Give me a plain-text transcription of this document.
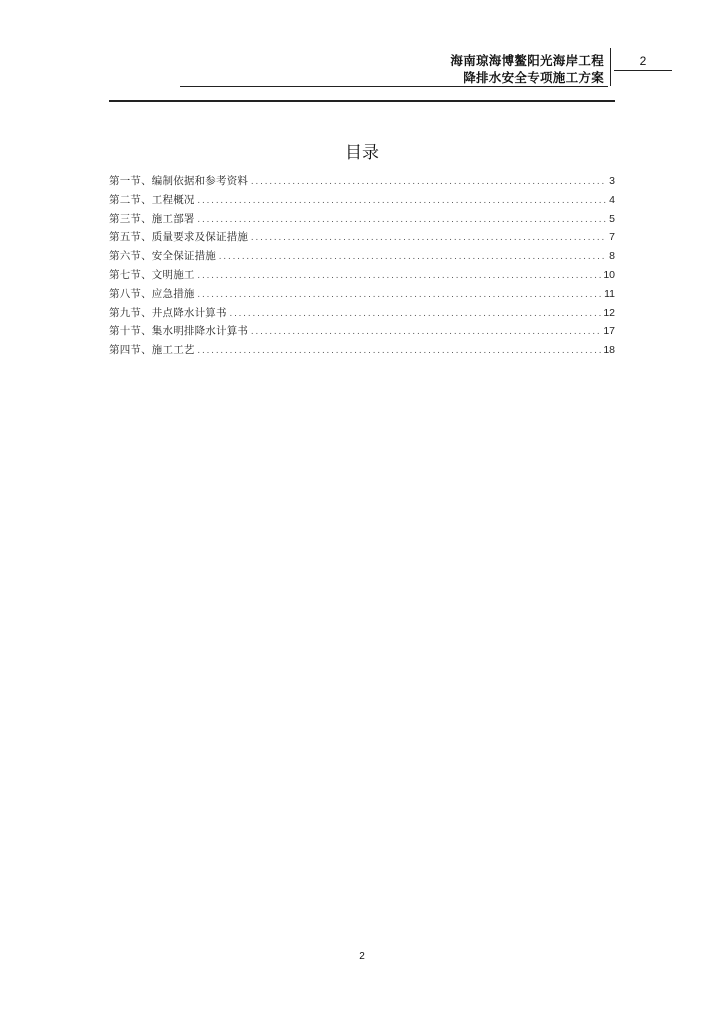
海南琼海博鳌阳光海岸工程
降排水安全专项施工方案
2
目录
第一节、编制依据和参考资料 .....	3
第二节、工程概况 .....	4
第三节、施工部署 .....	5
第五节、质量要求及保证措施 .....	7
第六节、安全保证措施 .....	8
第七节、文明施工 .....	10
第八节、应急措施 .....	11
第九节、井点降水计算书 .....	12
第十节、集水明排降水计算书 .....	17
第四节、施工工艺 .....	18
2
